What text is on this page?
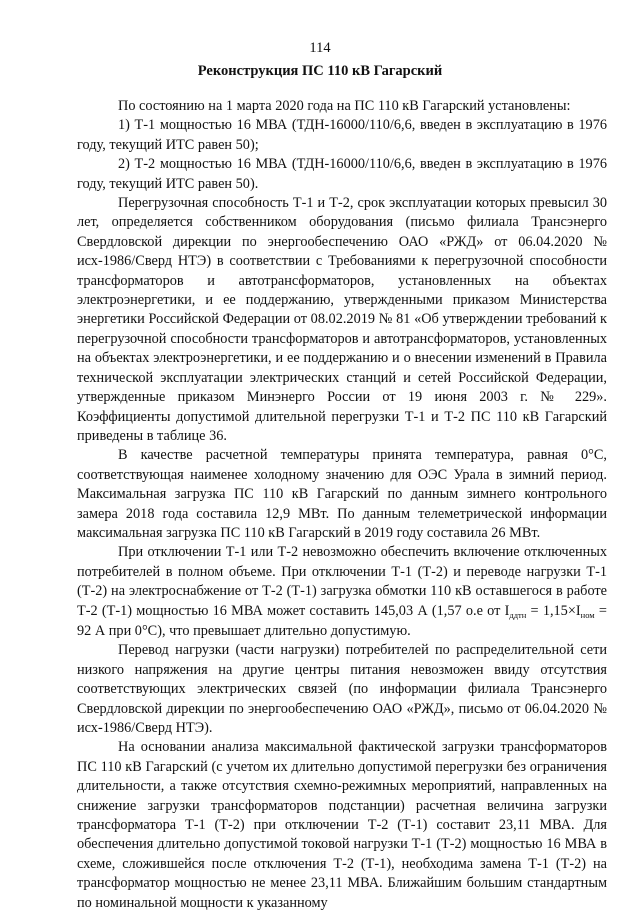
114
Реконструкция ПС 110 кВ Гагарский

По состоянию на 1 марта 2020 года на ПС 110 кВ Гагарский установлены:

1) Т-1 мощностью 16 МВА (ТДН-16000/110/6,6, введен в эксплуатацию в 1976 году, текущий ИТС равен 50);

2) Т-2 мощностью 16 МВА (ТДН-16000/110/6,6, введен в эксплуатацию в 1976 году, текущий ИТС равен 50).

Перегрузочная способность Т-1 и Т-2, срок эксплуатации которых превысил 30 лет, определяется собственником оборудования (письмо филиала Трансэнерго Свердловской дирекции по энергообеспечению ОАО «РЖД» от 06.04.2020 № исх-1986/Сверд НТЭ) в соответствии с Требованиями к перегрузочной способности трансформаторов и автотрансформаторов, установленных на объектах электроэнергетики, и ее поддержанию, утвержденными приказом Министерства энергетики Российской Федерации от 08.02.2019 № 81 «Об утверждении требований к перегрузочной способности трансформаторов и автотрансформаторов, установленных на объектах электроэнергетики, и ее поддержанию и о внесении изменений в Правила технической эксплуатации электрических станций и сетей Российской Федерации, утвержденные приказом Минэнерго России от 19 июня 2003 г. № 229». Коэффициенты допустимой длительной перегрузки Т-1 и Т-2 ПС 110 кВ Гагарский приведены в таблице 36.

В качестве расчетной температуры принята температура, равная 0°С, соответствующая наименее холодному значению для ОЭС Урала в зимний период. Максимальная загрузка ПС 110 кВ Гагарский по данным зимнего контрольного замера 2018 года составила 12,9 МВт. По данным телеметрической информации максимальная загрузка ПС 110 кВ Гагарский в 2019 году составила 26 МВт.

При отключении Т-1 или Т-2 невозможно обеспечить включение отключенных потребителей в полном объеме. При отключении Т-1 (Т-2) и переводе нагрузки Т-1 (Т-2) на электроснабжение от Т-2 (Т-1) загрузка обмотки 110 кВ оставшегося в работе Т-2 (Т-1) мощностью 16 МВА может составить 145,03 А (1,57 о.е от $I_{ддтн} = 1,15\times I_{ном} = 92$ А при 0°С), что превышает длительно допустимую.

Перевод нагрузки (части нагрузки) потребителей по распределительной сети низкого напряжения на другие центры питания невозможен ввиду отсутствия соответствующих электрических связей (по информации филиала Трансэнерго Свердловской дирекции по энергообеспечению ОАО «РЖД», письмо от 06.04.2020 № исх-1986/Сверд НТЭ).

На основании анализа максимальной фактической загрузки трансформаторов ПС 110 кВ Гагарский (с учетом их длительно допустимой перегрузки без ограничения длительности, а также отсутствия схемно-режимных мероприятий, направленных на снижение загрузки трансформаторов подстанции) расчетная величина загрузки трансформатора Т-1 (Т-2) при отключении Т-2 (Т-1) составит 23,11 МВА. Для обеспечения длительно допустимой токовой нагрузки Т-1 (Т-2) мощностью 16 МВА в схеме, сложившейся после отключения Т-2 (Т-1), необходима замена Т-1 (Т-2) на трансформатор мощностью не менее 23,11 МВА. Ближайшим большим стандартным по номинальной мощности к указанному
